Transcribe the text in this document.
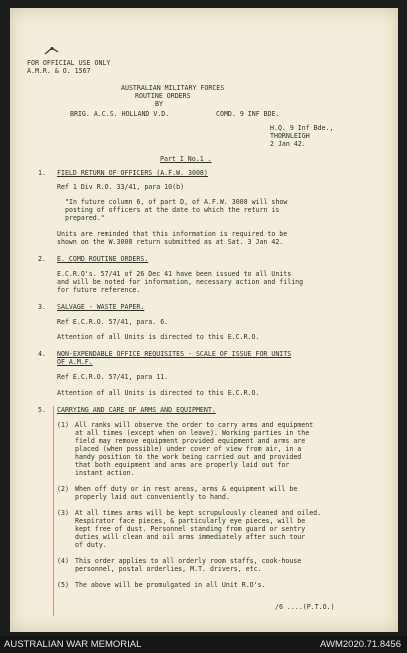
FOR OFFICIAL USE ONLY
A.M.R. & O. 1567
AUSTRALIAN MILITARY FORCES
ROUTINE ORDERS
BY
BRIG. A.C.S. HOLLAND V.D.	COMD. 9 INF BDE.
H.Q. 9 Inf Bde.,
THORNLEIGH
2 Jan 42.
Part I No.1 .
1. FIELD RETURN OF OFFICERS (A.F.W. 3008)
Ref 1 Div R.O. 33/41, para 10(b)
"In future column 6, of part D, of A.F.W. 3008 will show
posting of officers at the date to which the return is
prepared."
Units are reminded that this information is required to be
shown on the W.3008 return submitted as at Sat. 3 Jan 42.
2. E. COMD ROUTINE ORDERS.
E.C.R.O's. 57/41 of 26 Dec 41 have been issued to all Units
and will be noted for information, necessary action and filing
for future reference.
3. SALVAGE - WASTE PAPER.
Ref E.C.R.O. 57/41, para. 6.
Attention of all Units is directed to this E.C.R.O.
4. NON-EXPENDABLE OFFICE REQUISITES - SCALE OF ISSUE FOR UNITS
OF A.M.F.
Ref E.C.R.O. 57/41, para 11.
Attention of all Units is directed to this E.C.R.O.
5. CARRYING AND CARE OF ARMS AND EQUIPMENT.
(1) All ranks will observe the order to carry arms and equipment
at all times (except when on leave). Working parties in the
field may remove equipment provided equipment and arms are
placed (when possible) under cover of view from air, in a
handy position to the work being carried out and provided
that both equipment and arms are properly laid out for
instant action.
(2) When off duty or in rest areas, arms & equipment will be
properly laid out conveniently to hand.
(3) At all times arms will be kept scrupulously cleaned and oiled.
Respirator face pieces, & particularly eye pieces, will be
kept free of dust. Personnel standing from guard or sentry
duties will clean and oil arms immediately after such tour
of duty.
(4) This order applies to all orderly room staffs, cook-house
personnel, postal orderlies, M.T. drivers, etc.
(5) The above will be promulgated in all Unit R.O's.
/6 ....(P.T.O.)
AUSTRALIAN WAR MEMORIAL	AWM2020.71.8456
